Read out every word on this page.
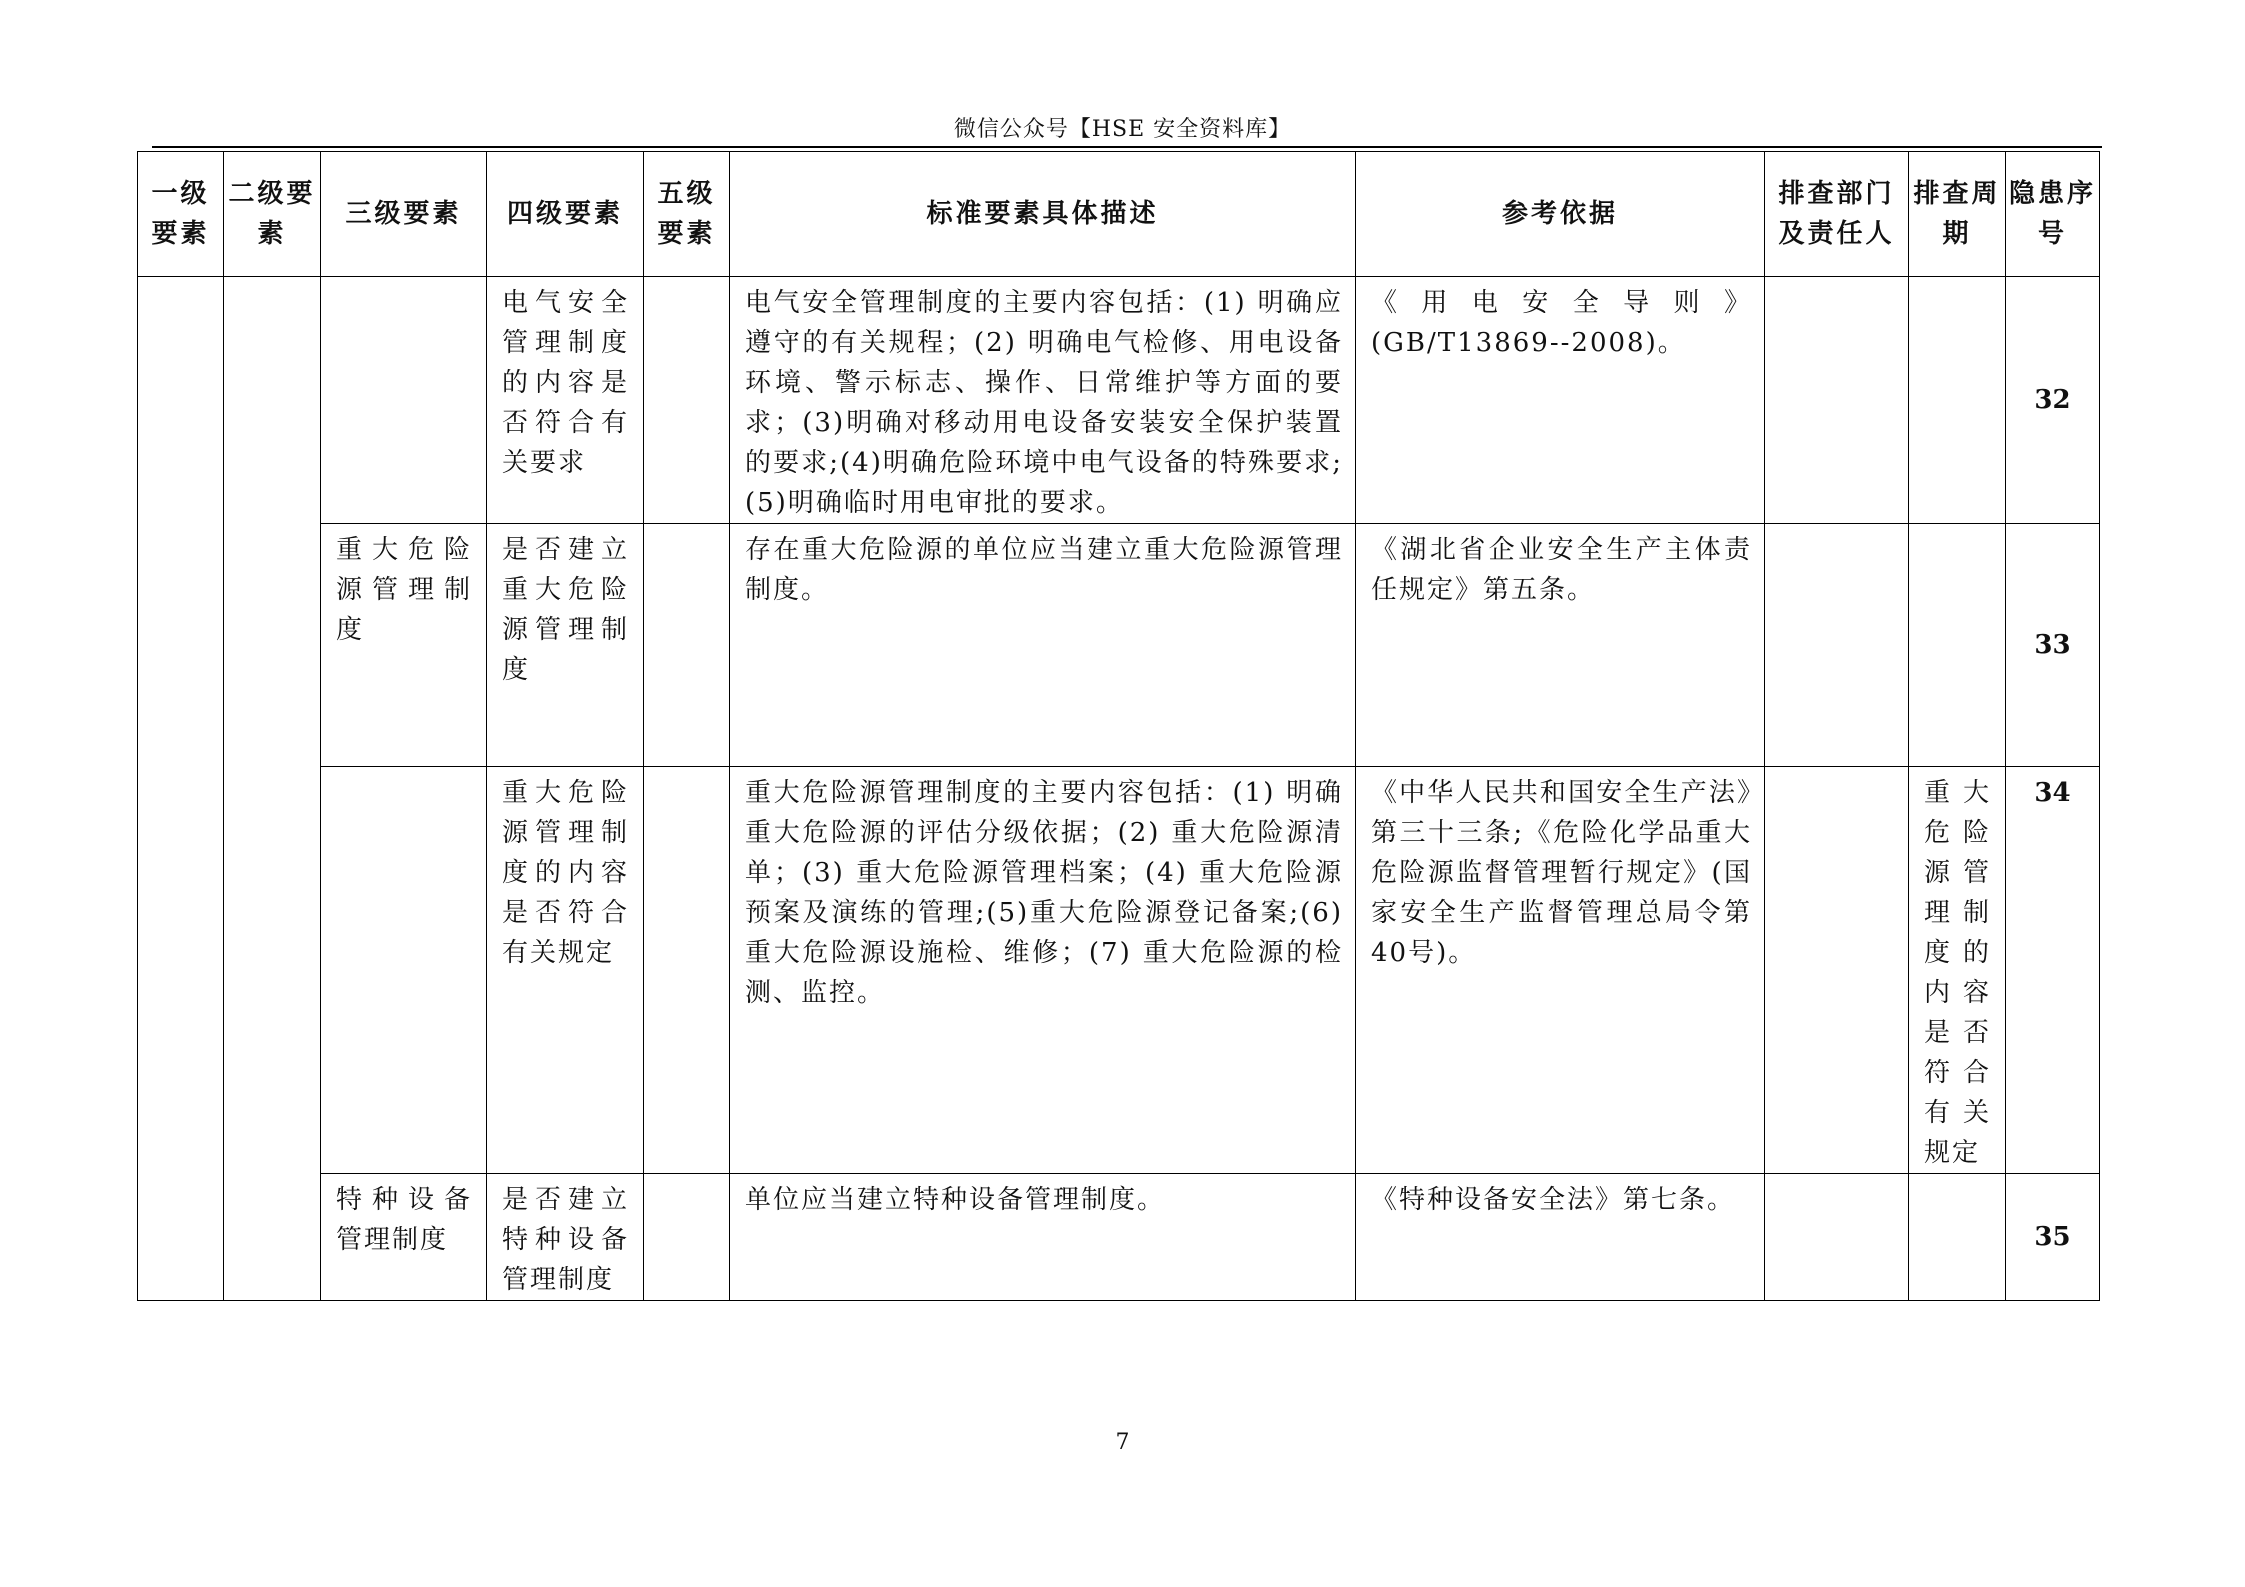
微信公众号【HSE 安全资料库】
一级要素	二级要素	三级要素	四级要素	五级要素	标准要素具体描述	参考依据	排查部门及责任人	排查周期	隐患序号

			电气安全管理制度的内容是否符合有关要求		电气安全管理制度的主要内容包括：(1) 明确应遵守的有关规程；(2) 明确电气检修、用电设备环境、警示标志、操作、日常维护等方面的要求；(3)明确对移动用电设备安装安全保护装置的要求;(4)明确危险环境中电气设备的特殊要求;(5)明确临时用电审批的要求。	《用电安全导则》(GB/T13869--2008)。			32

		重大危险源管理制度	是否建立重大危险源管理制度		存在重大危险源的单位应当建立重大危险源管理制度。	《湖北省企业安全生产主体责任规定》第五条。			33

			重大危险源管理制度的内容是否符合有关规定		重大危险源管理制度的主要内容包括：(1) 明确重大危险源的评估分级依据；(2) 重大危险源清单；(3) 重大危险源管理档案；(4) 重大危险源预案及演练的管理;(5)重大危险源登记备案;(6)重大危险源设施检、维修；(7) 重大危险源的检测、监控。	《中华人民共和国安全生产法》第三十三条;《危险化学品重大危险源监督管理暂行规定》(国家安全生产监督管理总局令第40号)。		重大危险源管理制度的内容是否符合有关规定	34

		特种设备管理制度	是否建立特种设备管理制度		单位应当建立特种设备管理制度。	《特种设备安全法》第七条。			35
7
